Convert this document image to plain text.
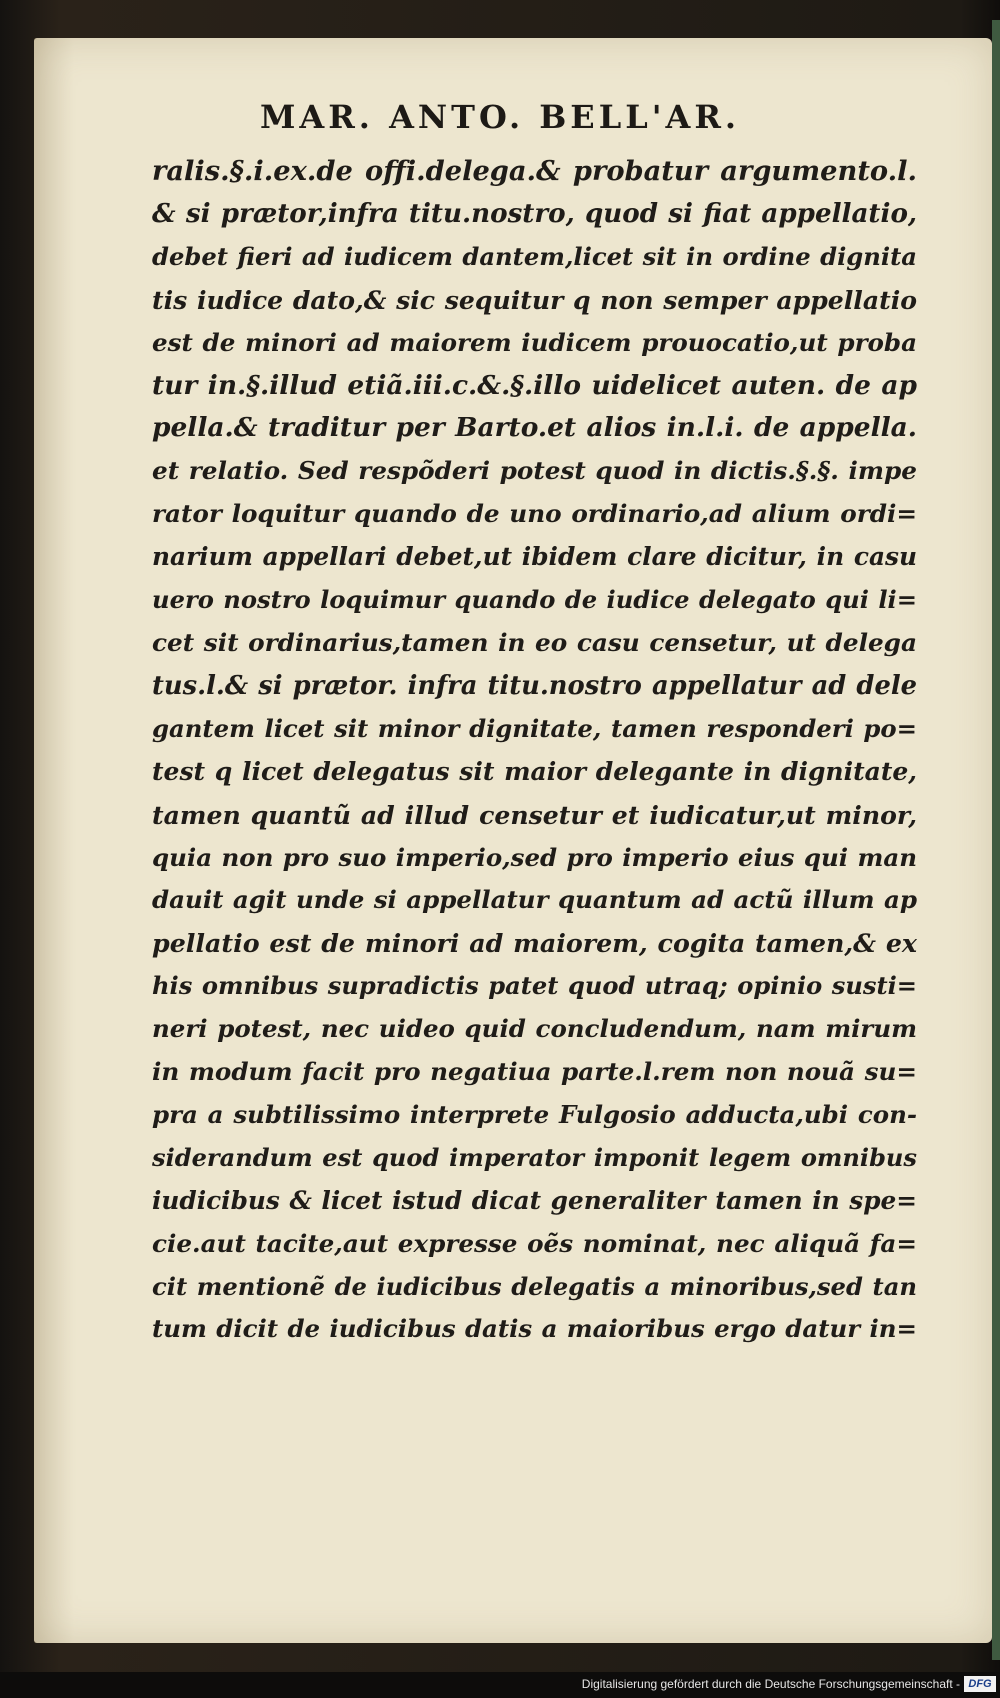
MAR. ANTO. BELL'AR.
ralis.§.i.ex.de offi.delega.& probatur argumento.l.
& si prætor,infra titu.nostro, quod si fiat appellatio,
debet fieri ad iudicem dantem,licet sit in ordine dignita
tis iudice dato,& sic sequitur q non semper appellatio
est de minori ad maiorem iudicem prouocatio,ut proba
tur in.§.illud etiã.iii.c.&.§.illo uidelicet auten. de ap
pella.& traditur per Barto.et alios in.l.i. de appella.
et relatio. Sed respõderi potest quod in dictis.§.§. impe
rator loquitur quando de uno ordinario,ad alium ordi=
narium appellari debet,ut ibidem clare dicitur, in casu
uero nostro loquimur quando de iudice delegato qui li=
cet sit ordinarius,tamen in eo casu censetur, ut delega
tus.l.& si prætor. infra titu.nostro appellatur ad dele
gantem licet sit minor dignitate, tamen responderi po=
test q licet delegatus sit maior delegante in dignitate,
tamen quantũ ad illud censetur et iudicatur,ut minor,
quia non pro suo imperio,sed pro imperio eius qui man
dauit agit unde si appellatur quantum ad actũ illum ap
pellatio est de minori ad maiorem, cogita tamen,& ex
his omnibus supradictis patet quod utraq; opinio susti=
neri potest, nec uideo quid concludendum, nam mirum
in modum facit pro negatiua parte.l.rem non nouã su=
pra a subtilissimo interprete Fulgosio adducta,ubi con-
siderandum est quod imperator imponit legem omnibus
iudicibus & licet istud dicat generaliter tamen in spe=
cie.aut tacite,aut expresse oẽs nominat, nec aliquã fa=
cit mentionẽ de iudicibus delegatis a minoribus,sed tan
tum dicit de iudicibus datis a maioribus ergo datur in=
Digitalisierung gefördert durch die Deutsche Forschungsgemeinschaft - DFG
